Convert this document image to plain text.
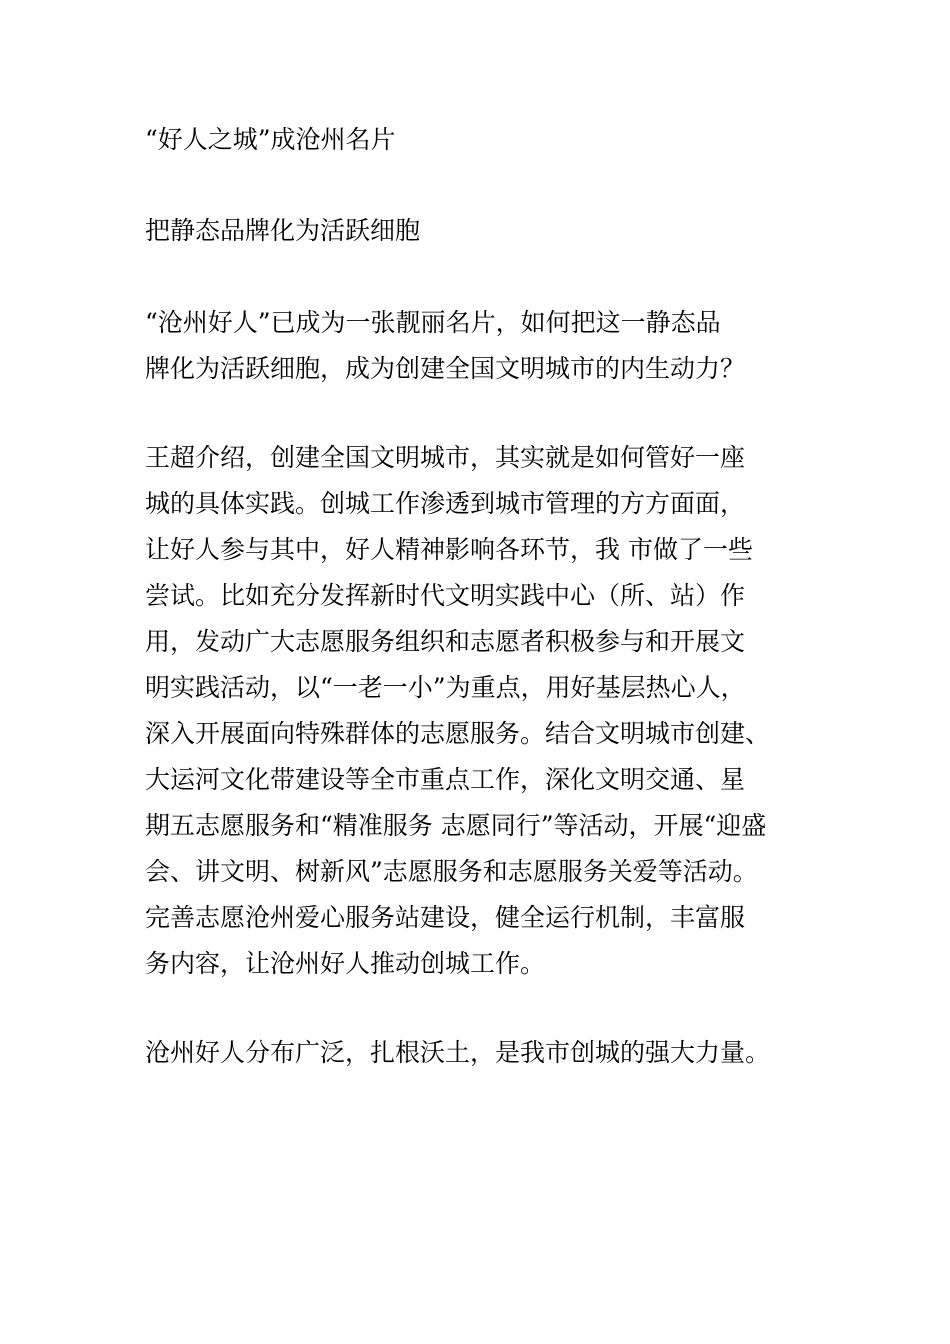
“好人之城”成沧州名片
把静态品牌化为活跃细胞
“沧州好人”已成为一张靓丽名片，如何把这一静态品
牌化为活跃细胞，成为创建全国文明城市的内生动力？
王超介绍，创建全国文明城市，其实就是如何管好一座
城的具体实践。创城工作渗透到城市管理的方方面面，
让好人参与其中，好人精神影响各环节，我 市做了一些
尝试。比如充分发挥新时代文明实践中心（所、站）作
用，发动广大志愿服务组织和志愿者积极参与和开展文
明实践活动，以“一老一小”为重点，用好基层热心人，
深入开展面向特殊群体的志愿服务。结合文明城市创建、
大运河文化带建设等全市重点工作，深化文明交通、星
期五志愿服务和“精准服务 志愿同行”等活动，开展“迎盛
会、讲文明、树新风”志愿服务和志愿服务关爱等活动。
完善志愿沧州爱心服务站建设，健全运行机制，丰富服
务内容，让沧州好人推动创城工作。
沧州好人分布广泛，扎根沃土，是我市创城的强大力量。
